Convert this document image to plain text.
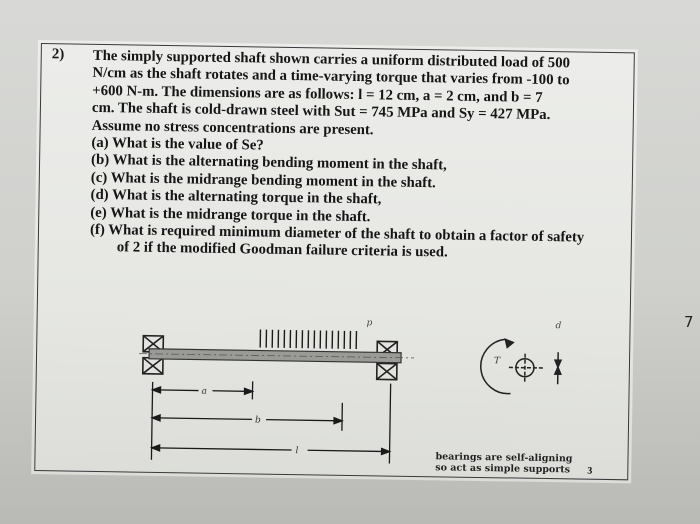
2) The simply supported shaft shown carries a uniform distributed load of 500

N/cm as the shaft rotates and a time-varying torque that varies from -100 to

+600 N-m. The dimensions are as follows: l = 12 cm, a = 2 cm, and b = 7

cm. The shaft is cold-drawn steel with Sut = 745 MPa and Sy = 427 MPa.

Assume no stress concentrations are present.

(a) What is the value of Se?

(b) What is the alternating bending moment in the shaft,

(c) What is the midrange bending moment in the shaft.

(d) What is the alternating torque in the shaft,

(e) What is the midrange torque in the shaft.

(f) What is required minimum diameter of the shaft to obtain a factor of safety

of 2 if the modified Goodman failure criteria is used.

p
a
b
l
T
d
bearings are self-aligning
so act as simple supports 3
7
